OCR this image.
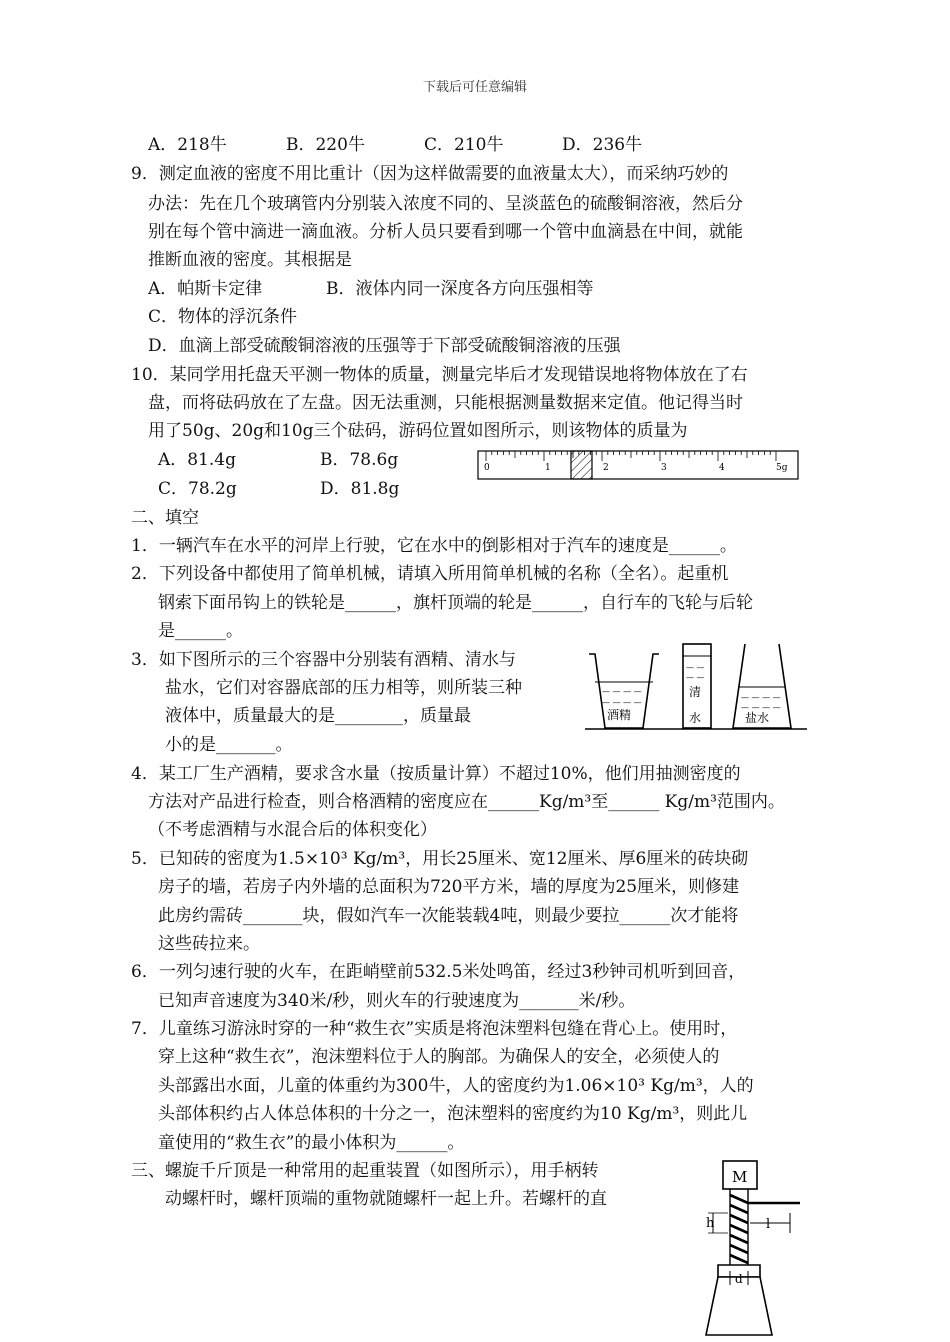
下载后可任意编辑
A．218牛	B．220牛	C．210牛	D．236牛
9．测定血液的密度不用比重计（因为这样做需要的血液量太大），而采纳巧妙的
办法：先在几个玻璃管内分别装入浓度不同的、呈淡蓝色的硫酸铜溶液，然后分
别在每个管中滴进一滴血液。分析人员只要看到哪一个管中血滴悬在中间，就能
推断血液的密度。其根据是
A．帕斯卡定律	B．液体内同一深度各方向压强相等
C．物体的浮沉条件
D．血滴上部受硫酸铜溶液的压强等于下部受硫酸铜溶液的压强
10．某同学用托盘天平测一物体的质量，测量完毕后才发现错误地将物体放在了右
盘，而将砝码放在了左盘。因无法重测，只能根据测量数据来定值。他记得当时
用了50g、20g和10g三个砝码，游码位置如图所示，则该物体的质量为
A．81.4g	B．78.6g
C．78.2g	D．81.8g
0	1	2	3	4	5g
二、填空
1．一辆汽车在水平的河岸上行驶，它在水中的倒影相对于汽车的速度是______。
2．下列设备中都使用了简单机械，请填入所用简单机械的名称（全名）。起重机
钢索下面吊钩上的铁轮是______，旗杆顶端的轮是______，自行车的飞轮与后轮
是______。
3．如下图所示的三个容器中分别装有酒精、清水与
盐水，它们对容器底部的压力相等，则所装三种
液体中，质量最大的是________，质量最
小的是_______。
— — — —
— — — —
酒精
— —
— —
清
水
— — — —
— — — —
盐水
4．某工厂生产酒精，要求含水量（按质量计算）不超过10%，他们用抽测密度的
方法对产品进行检查，则合格酒精的密度应在______Kg/m³至______ Kg/m³范围内。
（不考虑酒精与水混合后的体积变化）
5．已知砖的密度为1.5×10³ Kg/m³，用长25厘米、宽12厘米、厚6厘米的砖块砌
房子的墙，若房子内外墙的总面积为720平方米，墙的厚度为25厘米，则修建
此房约需砖_______块，假如汽车一次能装载4吨，则最少要拉______次才能将
这些砖拉来。
6．一列匀速行驶的火车，在距峭壁前532.5米处鸣笛，经过3秒钟司机听到回音，
已知声音速度为340米/秒，则火车的行驶速度为_______米/秒。
7．儿童练习游泳时穿的一种“救生衣”实质是将泡沫塑料包缝在背心上。使用时，
穿上这种“救生衣”，泡沫塑料位于人的胸部。为确保人的安全，必须使人的
头部露出水面，儿童的体重约为300牛，人的密度约为1.06×10³ Kg/m³，人的
头部体积约占人体总体积的十分之一，泡沫塑料的密度约为10 Kg/m³，则此儿
童使用的“救生衣”的最小体积为______。
三、螺旋千斤顶是一种常用的起重装置（如图所示），用手柄转
动螺杆时，螺杆顶端的重物就随螺杆一起上升。若螺杆的直
M
h	l
d
